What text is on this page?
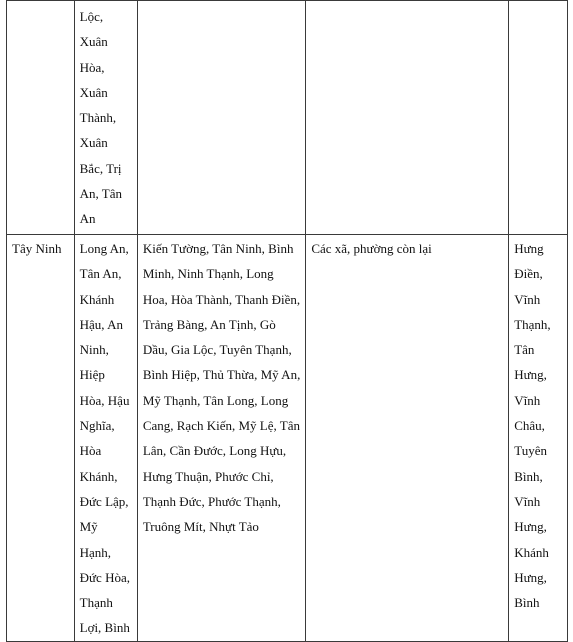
	Lộc, Xuân Hòa, Xuân Thành, Xuân Bắc, Trị An, Tân An			

Tây Ninh	Long An, Tân An, Khánh Hậu, An Ninh, Hiệp Hòa, Hậu Nghĩa, Hòa Khánh, Đức Lập, Mỹ Hạnh, Đức Hòa, Thạnh Lợi, Bình	Kiến Tường, Tân Ninh, Bình Minh, Ninh Thạnh, Long Hoa, Hòa Thành, Thanh Điền, Trảng Bàng, An Tịnh, Gò Dầu, Gia Lộc, Tuyên Thạnh, Bình Hiệp, Thủ Thừa, Mỹ An, Mỹ Thạnh, Tân Long, Long Cang, Rạch Kiến, Mỹ Lệ, Tân Lân, Cần Đước, Long Hựu, Hưng Thuận, Phước Chỉ, Thạnh Đức, Phước Thạnh, Truông Mít, Nhựt Tảo	Các xã, phường còn lại	Hưng Điền, Vĩnh Thạnh, Tân Hưng, Vĩnh Châu, Tuyên Bình, Vĩnh Hưng, Khánh Hưng, Bình
